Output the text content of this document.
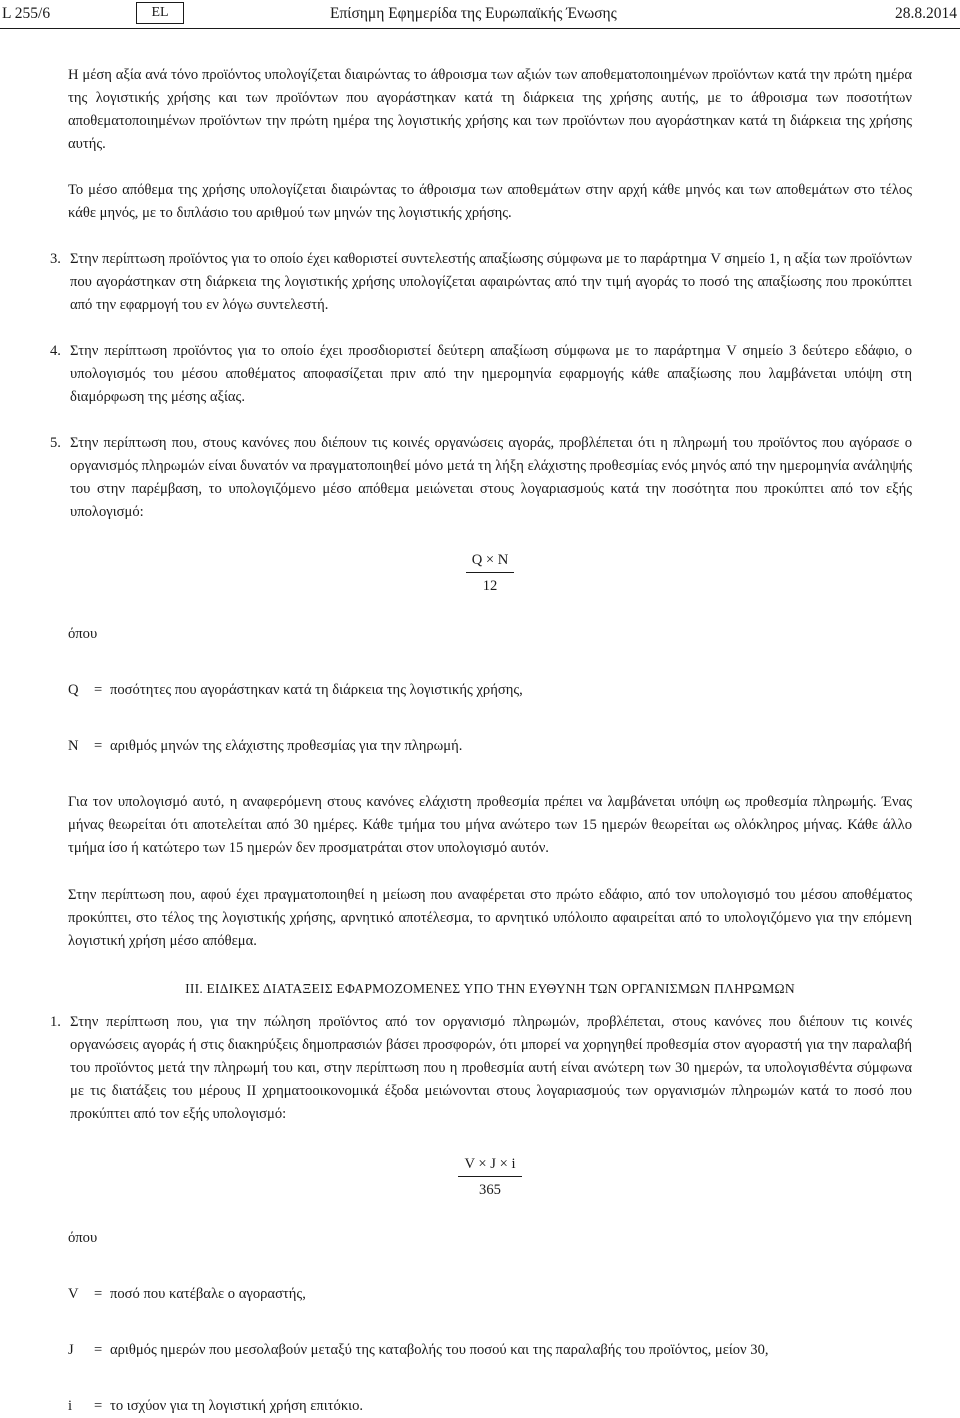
L 255/6	EL	Επίσημη Εφημερίδα της Ευρωπαϊκής Ένωσης	28.8.2014

Η μέση αξία ανά τόνο προϊόντος υπολογίζεται διαιρώντας το άθροισμα των αξιών των αποθεματοποιημένων προϊόντων κατά την πρώτη ημέρα της λογιστικής χρήσης και των προϊόντων που αγοράστηκαν κατά τη διάρκεια της χρήσης αυτής, με το άθροισμα των ποσοτήτων αποθεματοποιημένων προϊόντων την πρώτη ημέρα της λογιστικής χρήσης και των προϊόντων που αγοράστηκαν κατά τη διάρκεια της χρήσης αυτής.

Το μέσο απόθεμα της χρήσης υπολογίζεται διαιρώντας το άθροισμα των αποθεμάτων στην αρχή κάθε μηνός και των αποθεμάτων στο τέλος κάθε μηνός, με το διπλάσιο του αριθμού των μηνών της λογιστικής χρήσης.

3. Στην περίπτωση προϊόντος για το οποίο έχει καθοριστεί συντελεστής απαξίωσης σύμφωνα με το παράρτημα V σημείο 1, η αξία των προϊόντων που αγοράστηκαν στη διάρκεια της λογιστικής χρήσης υπολογίζεται αφαιρώντας από την τιμή αγοράς το ποσό της απαξίωσης που προκύπτει από την εφαρμογή του εν λόγω συντελεστή.

4. Στην περίπτωση προϊόντος για το οποίο έχει προσδιοριστεί δεύτερη απαξίωση σύμφωνα με το παράρτημα V σημείο 3 δεύτερο εδάφιο, ο υπολογισμός του μέσου αποθέματος αποφασίζεται πριν από την ημερομηνία εφαρμογής κάθε απαξίωσης που λαμβάνεται υπόψη στη διαμόρφωση της μέσης αξίας.

5. Στην περίπτωση που, στους κανόνες που διέπουν τις κοινές οργανώσεις αγοράς, προβλέπεται ότι η πληρωμή του προϊόντος που αγόρασε ο οργανισμός πληρωμών είναι δυνατόν να πραγματοποιηθεί μόνο μετά τη λήξη ελάχιστης προθεσμίας ενός μηνός από την ημερομηνία ανάληψής του στην παρέμβαση, το υπολογιζόμενο μέσο απόθεμα μειώνεται στους λογαριασμούς κατά την ποσότητα που προκύπτει από τον εξής υπολογισμό:

Q × N
12

όπου

Q	= ποσότητες που αγοράστηκαν κατά τη διάρκεια της λογιστικής χρήσης,
N	= αριθμός μηνών της ελάχιστης προθεσμίας για την πληρωμή.

Για τον υπολογισμό αυτό, η αναφερόμενη στους κανόνες ελάχιστη προθεσμία πρέπει να λαμβάνεται υπόψη ως προθεσμία πληρωμής. Ένας μήνας θεωρείται ότι αποτελείται από 30 ημέρες. Κάθε τμήμα του μήνα ανώτερο των 15 ημερών θεωρείται ως ολόκληρος μήνας. Κάθε άλλο τμήμα ίσο ή κατώτερο των 15 ημερών δεν προσματράται στον υπολογισμό αυτόν.

Στην περίπτωση που, αφού έχει πραγματοποιηθεί η μείωση που αναφέρεται στο πρώτο εδάφιο, από τον υπολογισμό του μέσου αποθέματος προκύπτει, στο τέλος της λογιστικής χρήσης, αρνητικό αποτέλεσμα, το αρνητικό υπόλοιπο αφαιρείται από το υπολογιζόμενο για την επόμενη λογιστική χρήση μέσο απόθεμα.

III. ΕΙΔΙΚΕΣ ΔΙΑΤΑΞΕΙΣ ΕΦΑΡΜΟΖΟΜΕΝΕΣ ΥΠΟ ΤΗΝ ΕΥΘΥΝΗ ΤΩΝ ΟΡΓΑΝΙΣΜΩΝ ΠΛΗΡΩΜΩΝ

1. Στην περίπτωση που, για την πώληση προϊόντος από τον οργανισμό πληρωμών, προβλέπεται, στους κανόνες που διέπουν τις κοινές οργανώσεις αγοράς ή στις διακηρύξεις δημοπρασιών βάσει προσφορών, ότι μπορεί να χορηγηθεί προθεσμία στον αγοραστή για την παραλαβή του προϊόντος μετά την πληρωμή του και, στην περίπτωση που η προθεσμία αυτή είναι ανώτερη των 30 ημερών, τα υπολογισθέντα σύμφωνα με τις διατάξεις του μέρους II χρηματοοικονομικά έξοδα μειώνονται στους λογαριασμούς των οργανισμών πληρωμών κατά το ποσό που προκύπτει από τον εξής υπολογισμό:

V × J × i
365

όπου

V	= ποσό που κατέβαλε ο αγοραστής,
J	= αριθμός ημερών που μεσολαβούν μεταξύ της καταβολής του ποσού και της παραλαβής του προϊόντος, μείον 30,
i	= το ισχύον για τη λογιστική χρήση επιτόκιο.
